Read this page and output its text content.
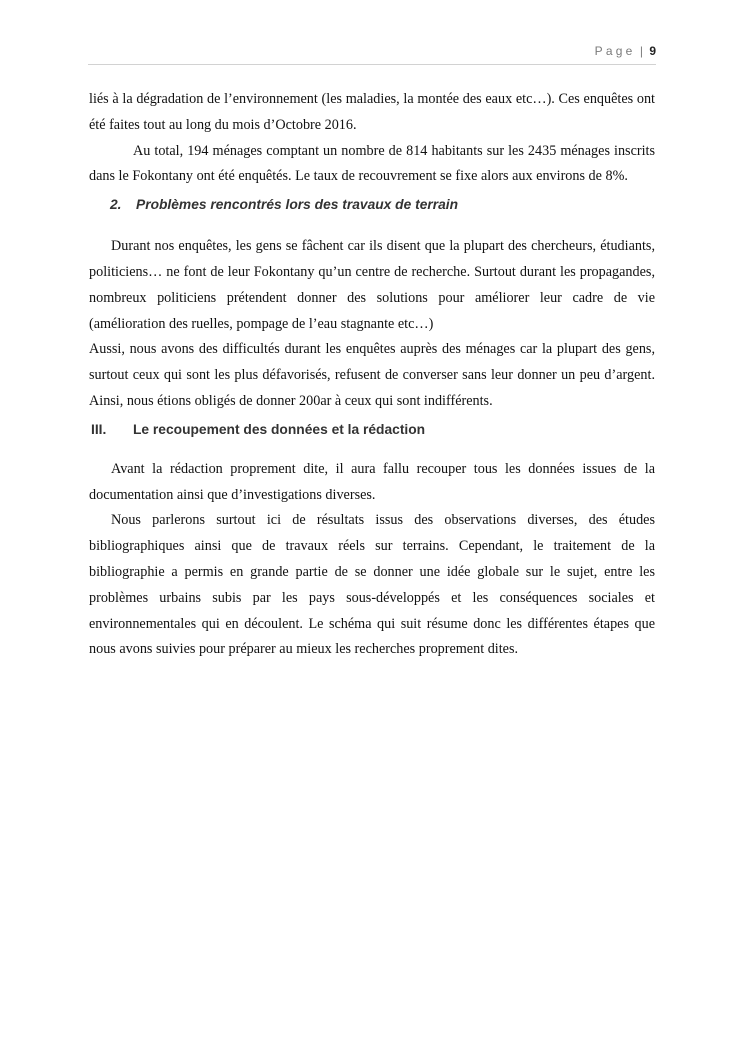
Page | 9

liés à la dégradation de l’environnement (les maladies, la montée des eaux etc…). Ces enquêtes ont été faites tout au long du mois d’Octobre 2016.

Au total, 194 ménages comptant un nombre de 814 habitants sur les 2435 ménages inscrits dans le Fokontany ont été enquêtés. Le taux de recouvrement se fixe alors aux environs de 8%.

2. Problèmes rencontrés lors des travaux de terrain

Durant nos enquêtes, les gens se fâchent car ils disent que la plupart des chercheurs, étudiants, politiciens… ne font de leur Fokontany qu’un centre de recherche. Surtout durant les propagandes, nombreux politiciens prétendent donner des solutions pour améliorer leur cadre de vie (amélioration des ruelles, pompage de l’eau stagnante etc…)

Aussi, nous avons des difficultés durant les enquêtes auprès des ménages car la plupart des gens, surtout ceux qui sont les plus défavorisés, refusent de converser sans leur donner un peu d’argent. Ainsi, nous étions obligés de donner 200ar à ceux qui sont indifférents.

III. Le recoupement des données et la rédaction

Avant la rédaction proprement dite, il aura fallu recouper tous les données issues de la documentation ainsi que d’investigations diverses.

Nous parlerons surtout ici de résultats issus des observations diverses, des études bibliographiques ainsi que de travaux réels sur terrains. Cependant, le traitement de la bibliographie a permis en grande partie de se donner une idée globale sur le sujet, entre les problèmes urbains subis par les pays sous-développés et les conséquences sociales et environnementales qui en découlent. Le schéma qui suit résume donc les différentes étapes que nous avons suivies pour préparer au mieux les recherches proprement dites.
